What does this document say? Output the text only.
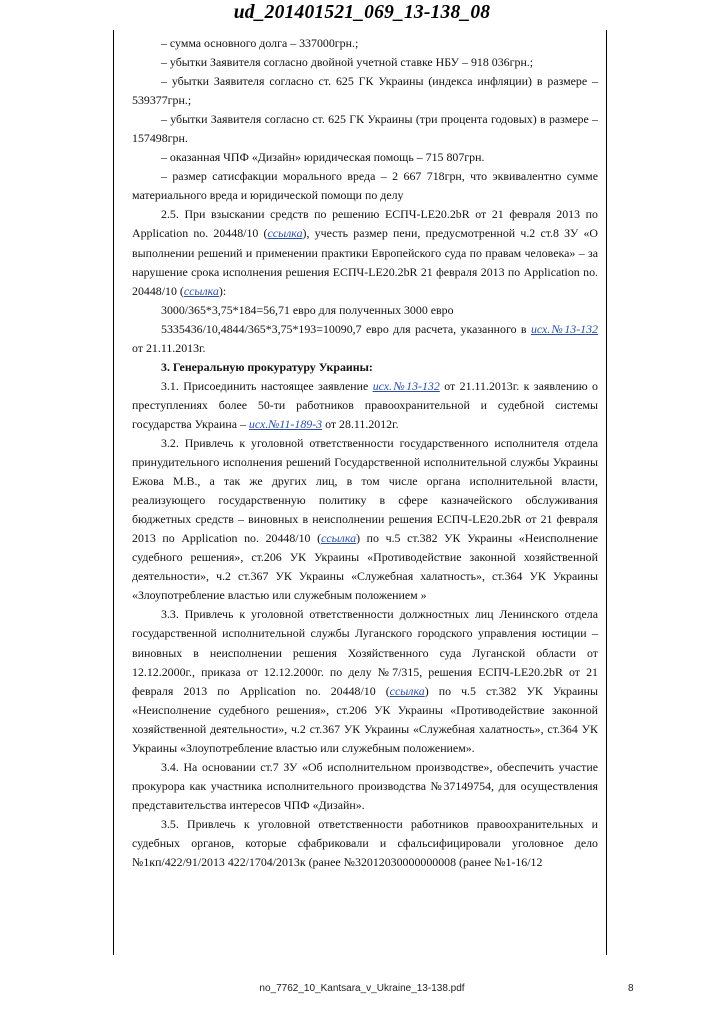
ud_201401521_069_13-138_08

– сумма основного долга – 337000грн.;

– убытки Заявителя согласно двойной учетной ставке НБУ – 918 036грн.;

– убытки Заявителя согласно ст. 625 ГК Украины (индекса инфляции) в размере – 539377грн.;

– убытки Заявителя согласно ст. 625 ГК Украины (три процента годовых) в размере – 157498грн.

– оказанная ЧПФ «Дизайн» юридическая помощь – 715 807грн.

– размер сатисфакции морального вреда – 2 667 718грн, что эквивалентно сумме материального вреда и юридической помощи по делу

2.5. При взыскании средств по решению ЕСПЧ-LE20.2bR от 21 февраля 2013 по Application no. 20448/10 (ссылка), учесть размер пени, предусмотренной ч.2 ст.8 ЗУ «О выполнении решений и применении практики Европейского суда по правам человека» – за нарушение срока исполнения решения ЕСПЧ-LE20.2bR 21 февраля 2013 по Application no. 20448/10 (ссылка):

3000/365*3,75*184=56,71 евро для полученных 3000 евро

5335436/10,4844/365*3,75*193=10090,7 евро для расчета, указанного в исх.№13-132 от 21.11.2013г.

3. Генеральную прокуратуру Украины:

3.1. Присоединить настоящее заявление исх.№13-132 от 21.11.2013г. к заявлению о преступлениях более 50-ти работников правоохранительной и судебной системы государства Украина – исх.№11-189-3 от 28.11.2012г.

3.2. Привлечь к уголовной ответственности государственного исполнителя отдела принудительного исполнения решений Государственной исполнительной службы Украины Ежова М.В., а так же других лиц, в том числе органа исполнительной власти, реализующего государственную политику в сфере казначейского обслуживания бюджетных средств – виновных в неисполнении решения ЕСПЧ-LE20.2bR от 21 февраля 2013 по Application no. 20448/10 (ссылка) по ч.5 ст.382 УК Украины «Неисполнение судебного решения», ст.206 УК Украины «Противодействие законной хозяйственной деятельности», ч.2 ст.367 УК Украины «Служебная халатность», ст.364 УК Украины «Злоупотребление властью или служебным положением »

3.3. Привлечь к уголовной ответственности должностных лиц Ленинского отдела государственной исполнительной службы Луганского городского управления юстиции – виновных в неисполнении решения Хозяйственного суда Луганской области от 12.12.2000г., приказа от 12.12.2000г. по делу №7/315, решения ЕСПЧ-LE20.2bR от 21 февраля 2013 по Application no. 20448/10 (ссылка) по ч.5 ст.382 УК Украины «Неисполнение судебного решения», ст.206 УК Украины «Противодействие законной хозяйственной деятельности», ч.2 ст.367 УК Украины «Служебная халатность», ст.364 УК Украины «Злоупотребление властью или служебным положением».

3.4. На основании ст.7 ЗУ «Об исполнительном производстве», обеспечить участие прокурора как участника исполнительного производства №37149754, для осуществления представительства интересов ЧПФ «Дизайн».

3.5. Привлечь к уголовной ответственности работников правоохранительных и судебных органов, которые сфабриковали и сфальсифицировали уголовное дело №1кп/422/91/2013 422/1704/2013к (ранее №32012030000000008 (ранее №1-16/12

no_7762_10_Kantsara_v_Ukraine_13-138.pdf	8
